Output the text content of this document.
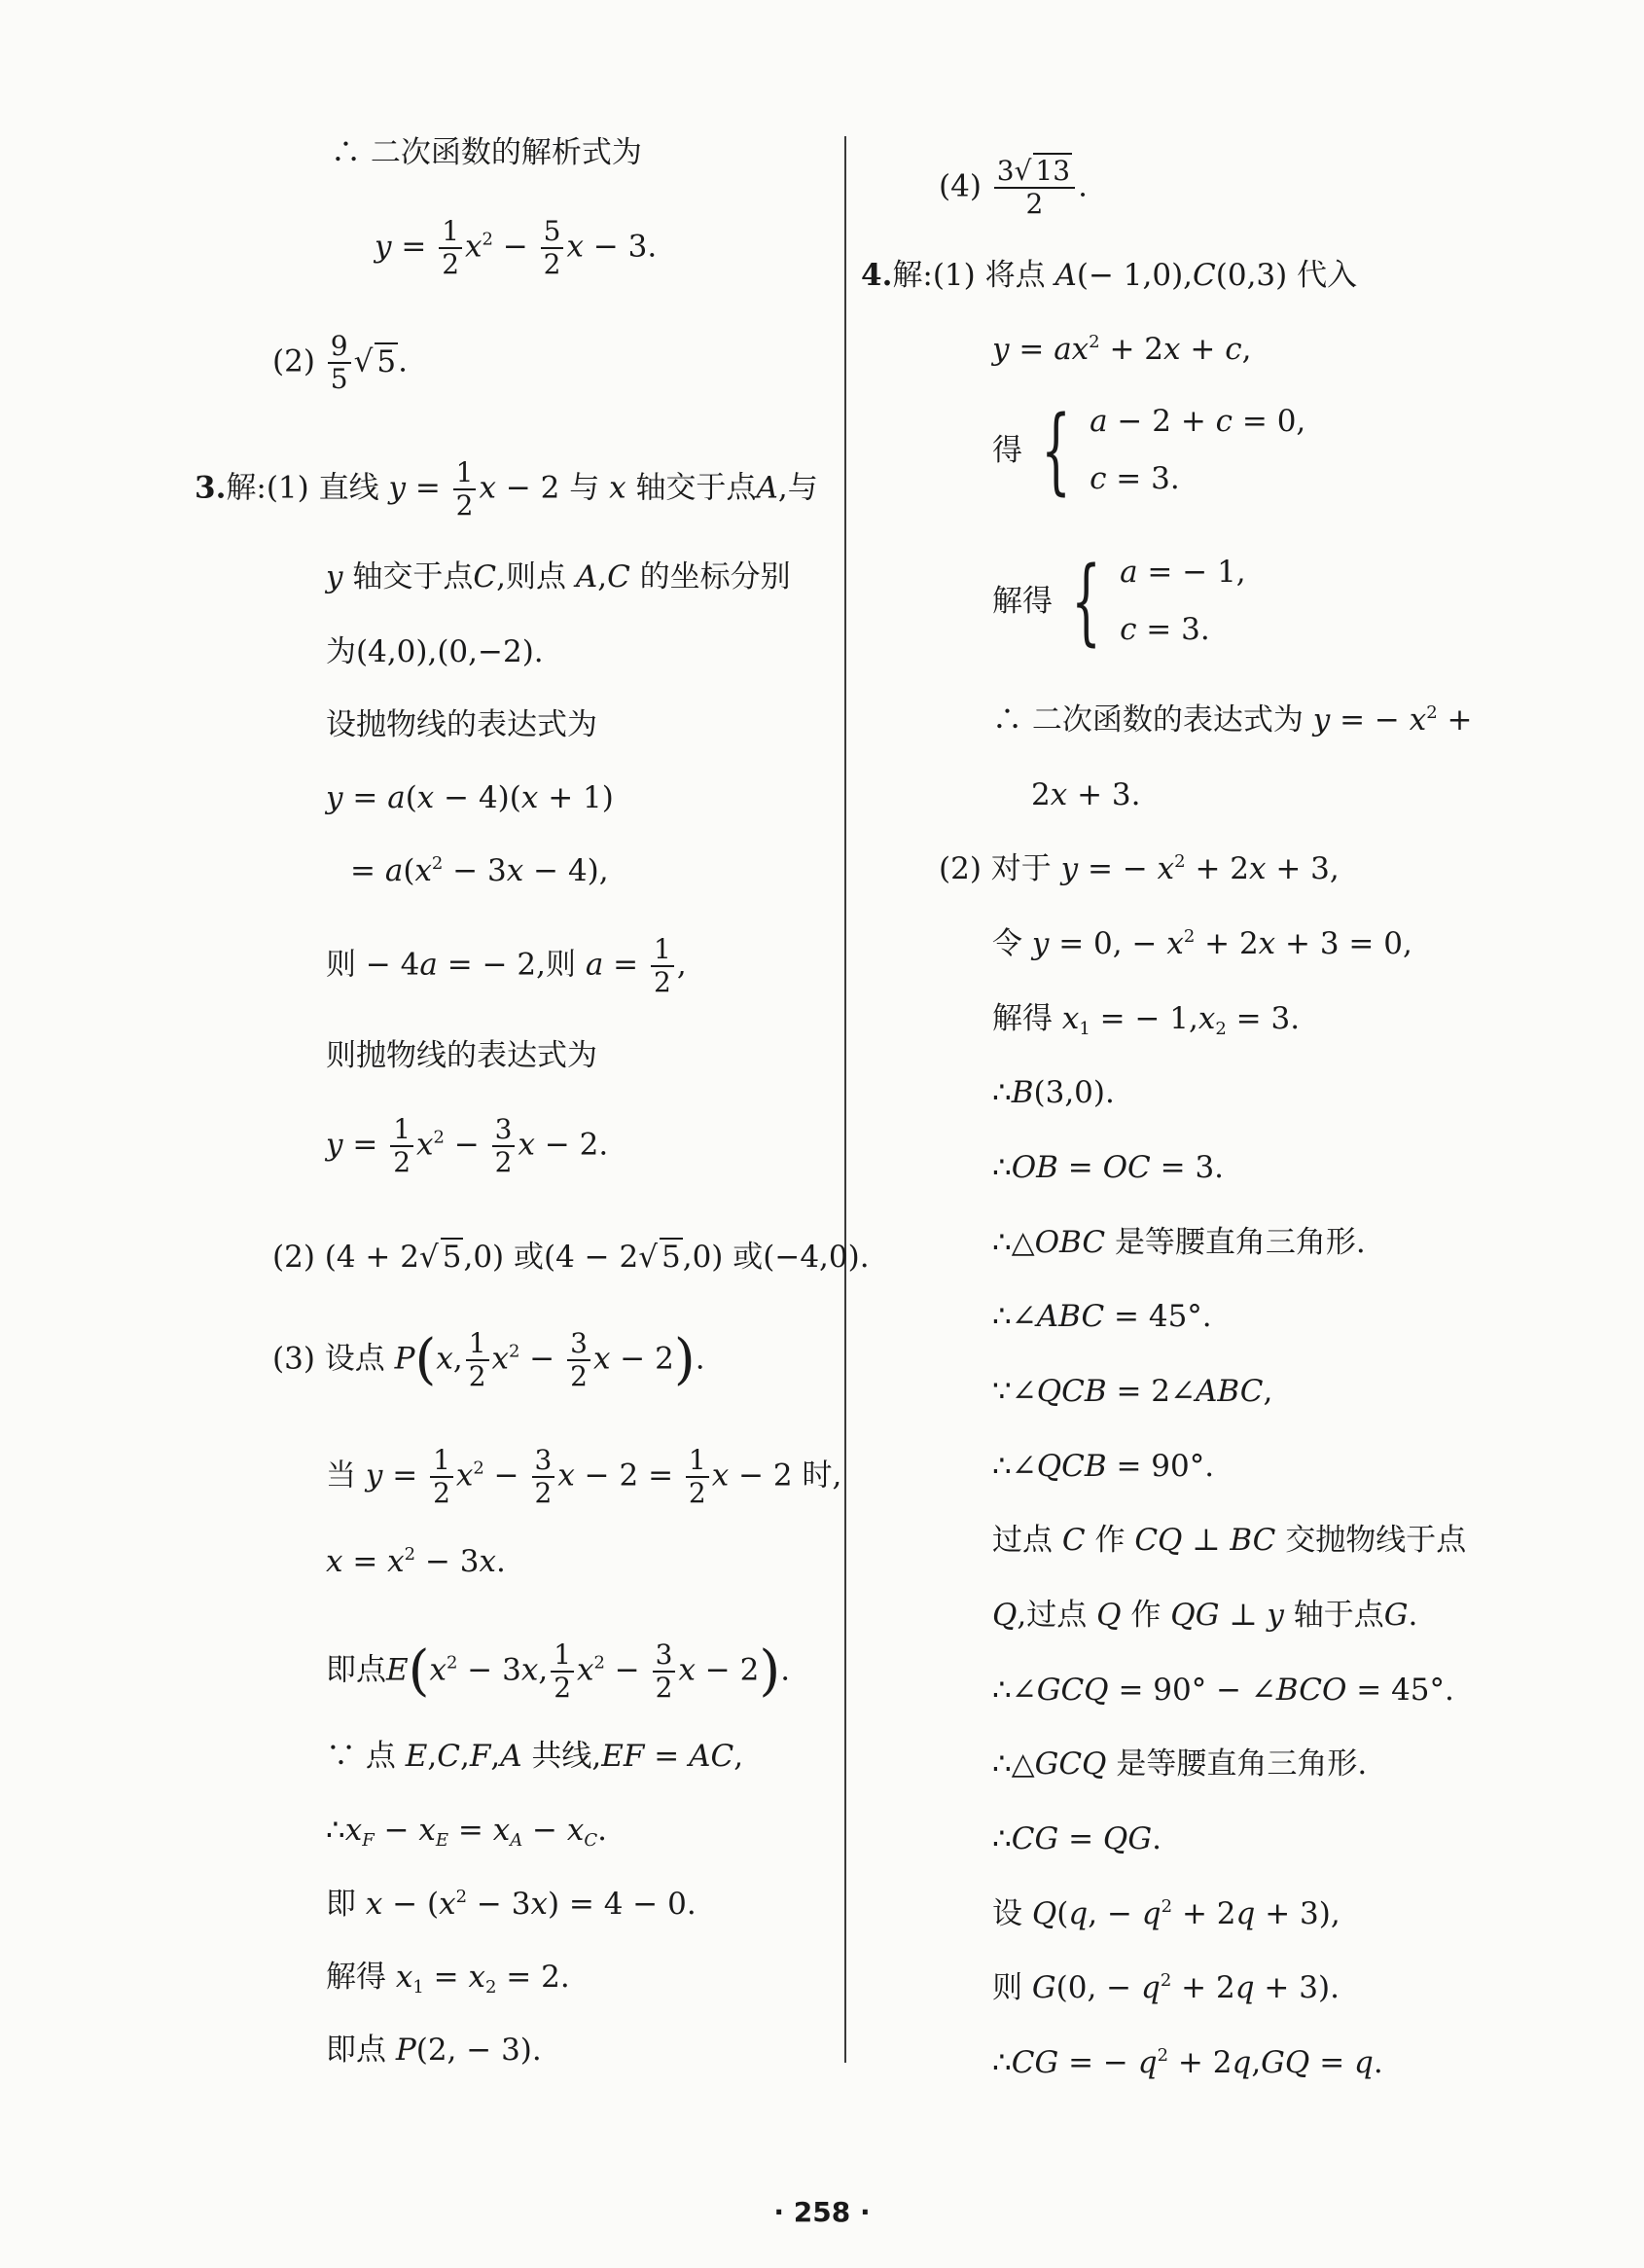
∴ 二次函数的解析式为
$y = \frac{1}{2} x^2 - \frac{5}{2}$ x − 3.
$(2) \frac{9}{5}$ √ 5.
3.解:(1) 直线 $y = \frac{1}{2}$ x − 2 与 x 轴交于点A,与
y 轴交于点C,则点 A,C 的坐标分别
为(4,0),(0,−2).
设抛物线的表达式为
y = a(x − 4)(x + 1)
= $a(x^2 - 3x - 4)$,
则 − 4a = − 2,则 $a = \frac{1}{2}$ ,
则抛物线的表达式为
$y = \frac{1}{2} x^2 - \frac{3}{2}$ x − 2.
(2) (4 + 2√ 5,0) 或(4 − 2√ 5,0) 或(−4,0).
(3) 设点 P(x, $\frac{1}{2} x^2 - \frac{3}{2}$ x − 2).
当 $y = \frac{1}{2} x^2 - \frac{3}{2}$ $x - 2 = \frac{1}{2}$ x − 2 时,
$x = x^2 - 3x$.
即点$E(x^2 - 3x$, $\frac{1}{2} x^2 - \frac{3}{2}$ x − 2).
∵ 点 E,C,F,A 共线,EF = AC,
$\therefore x_F - x_E = x_A - x_C$.
即 $x - (x^2 - 3x) = 4 - 0$.
解得 $x_1 = x_2 = 2$.
即点 P(2, − 3).
$(4) \frac{3√ 13}{2}$ .
4.解:(1) 将点 A(− 1,0),C(0,3) 代入
$y = ax^2 + 2x + c$,
得 { a − 2 + c = 0,
c = 3.
解得 { a = − 1,
c = 3.
∴ 二次函数的表达式为 y = − $x^2$ +
2x + 3.
(2) 对于 y = − $x^2 + 2x + 3$,
令 y = 0, − $x^2 + 2x + 3 = 0$,
解得 $x_1$ = − $1,x_2 = 3$.
∴B(3,0).
∴OB = OC = 3.
∴△OBC 是等腰直角三角形.
∴∠ABC = 45°.
∵∠QCB = 2∠ABC,
∴∠QCB = 90°.
过点 C 作 CQ ⊥ BC 交抛物线于点
Q,过点 Q 作 QG ⊥ y 轴于点G.
∴∠GCQ = 90° − ∠BCO = 45°.
∴△GCQ 是等腰直角三角形.
∴CG = QG.
设 Q(q, − $q^2 + 2q + 3$),
则 G(0, − $q^2 + 2q + 3$).
∴CG = − $q^2 + 2q,GQ = q$.
· 258 ·
